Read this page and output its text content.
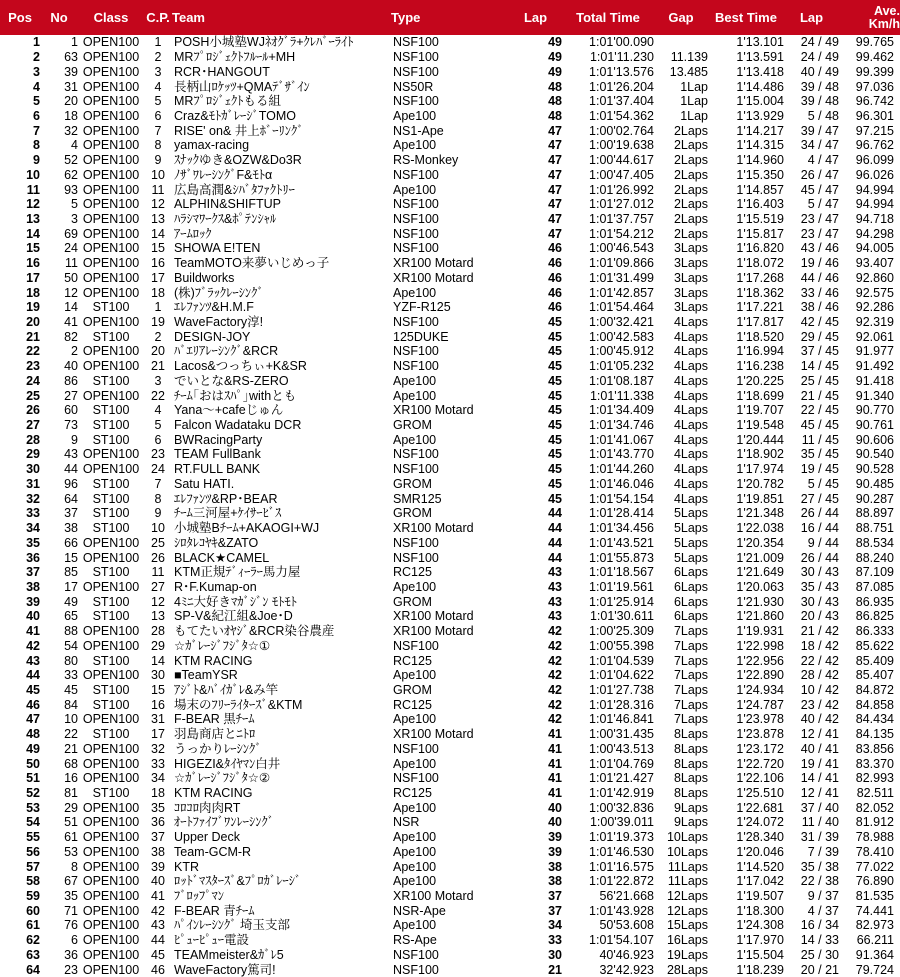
Pos	No	Class	C.P.	Team	Type	Lap	Total Time	Gap	Best Time	Lap	Ave.
Km/h
1	1	OPEN100	1	POSH小城塾WJﾈｵｸﾞﾗ+ｸﾚﾊﾞｰﾗｲﾄ	NSF100	49	1:01'00.090		1'13.101	24 / 49	99.765
2	63	OPEN100	2	MRﾌﾟﾛｼﾞｪｸﾄﾌﾙｰﾙ+MH	NSF100	49	1:01'11.230	11.139	1'13.591	24 / 49	99.462
3	39	OPEN100	3	RCR･HANGOUT	NSF100	49	1:01'13.576	13.485	1'13.418	40 / 49	99.399
4	31	OPEN100	4	長柄山ﾛｹｯﾂ+QMAﾃﾞｻﾞｲﾝ	NS50R	48	1:01'26.204	1Lap	1'14.486	39 / 48	97.036
5	20	OPEN100	5	MRﾌﾟﾛｼﾞｪｸﾄもる組	NSF100	48	1:01'37.404	1Lap	1'15.004	39 / 48	96.742
6	18	OPEN100	6	Craz&ﾓﾄｶﾞﾚｰｼﾞTOMO	Ape100	48	1:01'54.362	1Lap	1'13.929	5 / 48	96.301
7	32	OPEN100	7	RISE' on& 井上ﾎﾞｰﾘﾝｸﾞ	NS1-Ape	47	1:00'02.764	2Laps	1'14.217	39 / 47	97.215
8	4	OPEN100	8	yamax-racing	Ape100	47	1:00'19.638	2Laps	1'14.315	34 / 47	96.762
9	52	OPEN100	9	ｽﾅｯｸゆき&OZW&Do3R	RS-Monkey	47	1:00'44.617	2Laps	1'14.960	4 / 47	96.099
10	62	OPEN100	10	ﾉｻﾞﾜﾚｰｼﾝｸﾞF&ﾓﾄα	NSF100	47	1:00'47.405	2Laps	1'15.350	26 / 47	96.026
11	93	OPEN100	11	広島高潤&ｼﾊﾞﾀﾌｧｸﾄﾘｰ	Ape100	47	1:01'26.992	2Laps	1'14.857	45 / 47	94.994
12	5	OPEN100	12	ALPHIN&SHIFTUP	NSF100	47	1:01'27.012	2Laps	1'16.403	5 / 47	94.994
13	3	OPEN100	13	ﾊﾗｼﾏﾜｰｸｽ&ﾎﾟﾃﾝｼｬﾙ	NSF100	47	1:01'37.757	2Laps	1'15.519	23 / 47	94.718
14	69	OPEN100	14	ｱｰﾑﾛｯｸ	NSF100	47	1:01'54.212	2Laps	1'15.817	23 / 47	94.298
15	24	OPEN100	15	SHOWA E!TEN	NSF100	46	1:00'46.543	3Laps	1'16.820	43 / 46	94.005
16	11	OPEN100	16	TeamMOTO来夢いじめっ子	XR100 Motard	46	1:01'09.866	3Laps	1'18.072	19 / 46	93.407
17	50	OPEN100	17	Buildworks	XR100 Motard	46	1:01'31.499	3Laps	1'17.268	44 / 46	92.860
18	12	OPEN100	18	(株)ﾌﾞﾗｯｸﾚｰｼﾝｸﾞ	Ape100	46	1:01'42.857	3Laps	1'18.362	33 / 46	92.575
19	14	ST100	1	ｴﾚﾌｧﾝﾂ&H.M.F	YZF-R125	46	1:01'54.464	3Laps	1'17.221	38 / 46	92.286
20	41	OPEN100	19	WaveFactory淳!	NSF100	45	1:00'32.421	4Laps	1'17.817	42 / 45	92.319
21	82	ST100	2	DESIGN-JOY	125DUKE	45	1:00'42.583	4Laps	1'18.520	29 / 45	92.061
22	2	OPEN100	20	ﾊﾞｴﾘｱﾚｰｼﾝｸﾞ&RCR	NSF100	45	1:00'45.912	4Laps	1'16.994	37 / 45	91.977
23	40	OPEN100	21	Lacos&つっちぃ+K&SR	NSF100	45	1:01'05.232	4Laps	1'16.238	14 / 45	91.492
24	86	ST100	3	でいとな&RS-ZERO	Ape100	45	1:01'08.187	4Laps	1'20.225	25 / 45	91.418
25	27	OPEN100	22	ﾁｰﾑ｢おはｽﾊﾟ｣withとも	Ape100	45	1:01'11.338	4Laps	1'18.699	21 / 45	91.340
26	60	ST100	4	Yana～+cafeじゅん	XR100 Motard	45	1:01'34.409	4Laps	1'19.707	22 / 45	90.770
27	73	ST100	5	Falcon Wadataku DCR	GROM	45	1:01'34.746	4Laps	1'19.548	45 / 45	90.761
28	9	ST100	6	BWRacingParty	Ape100	45	1:01'41.067	4Laps	1'20.444	11 / 45	90.606
29	43	OPEN100	23	TEAM FullBank	NSF100	45	1:01'43.770	4Laps	1'18.902	35 / 45	90.540
30	44	OPEN100	24	RT.FULL BANK	NSF100	45	1:01'44.260	4Laps	1'17.974	19 / 45	90.528
31	96	ST100	7	Satu HATI.	GROM	45	1:01'46.046	4Laps	1'20.782	5 / 45	90.485
32	64	ST100	8	ｴﾚﾌｧﾝﾂ&RP･BEAR	SMR125	45	1:01'54.154	4Laps	1'19.851	27 / 45	90.287
33	37	ST100	9	ﾁｰﾑ三河屋+ｹｲｻｰﾋﾞｽ	GROM	44	1:01'28.414	5Laps	1'21.348	26 / 44	88.897
34	38	ST100	10	小城塾Bﾁｰﾑ+AKAOGI+WJ	XR100 Motard	44	1:01'34.456	5Laps	1'22.038	16 / 44	88.751
35	66	OPEN100	25	ｼﾛﾀﾚｺﾔｷ&ZATO	NSF100	44	1:01'43.521	5Laps	1'20.354	9 / 44	88.534
36	15	OPEN100	26	BLACK★CAMEL	NSF100	44	1:01'55.873	5Laps	1'21.009	26 / 44	88.240
37	85	ST100	11	KTM正規ﾃﾞｨｰﾗｰ馬力屋	RC125	43	1:01'18.567	6Laps	1'21.649	30 / 43	87.109
38	17	OPEN100	27	R･F.Kumap-on	Ape100	43	1:01'19.561	6Laps	1'20.063	35 / 43	87.085
39	49	ST100	12	4ﾐﾆ大好きﾏｶﾞｼﾞﾝ ﾓﾄﾓﾄ	GROM	43	1:01'25.914	6Laps	1'21.930	30 / 43	86.935
40	65	ST100	13	SP-V&紀江組&Joe･D	XR100 Motard	43	1:01'30.611	6Laps	1'21.860	20 / 43	86.825
41	88	OPEN100	28	もてたいｵﾔｼﾞ&RCR染谷農産	XR100 Motard	42	1:00'25.309	7Laps	1'19.931	21 / 42	86.333
42	54	OPEN100	29	☆ｶﾞﾚｰｼﾞﾌｼﾞﾀ☆①	NSF100	42	1:00'55.398	7Laps	1'22.998	18 / 42	85.622
43	80	ST100	14	KTM RACING	RC125	42	1:01'04.539	7Laps	1'22.956	22 / 42	85.409
44	33	OPEN100	30	■TeamYSR	Ape100	42	1:01'04.622	7Laps	1'22.890	28 / 42	85.407
45	45	ST100	15	ｱｼﾞﾄ&ﾊﾞｲｶﾞﾚ&み竿	GROM	42	1:01'27.738	7Laps	1'24.934	10 / 42	84.872
46	84	ST100	16	場末のﾌﾘｰﾗｲﾀｰｽﾞ&KTM	RC125	42	1:01'28.316	7Laps	1'24.787	23 / 42	84.858
47	10	OPEN100	31	F-BEAR 黒ﾁｰﾑ	Ape100	42	1:01'46.841	7Laps	1'23.978	40 / 42	84.434
48	22	ST100	17	羽島商店とﾆﾄﾛ	XR100 Motard	41	1:00'31.435	8Laps	1'23.878	12 / 41	84.135
49	21	OPEN100	32	うっかりﾚｰｼﾝｸﾞ	NSF100	41	1:00'43.513	8Laps	1'23.172	40 / 41	83.856
50	68	OPEN100	33	HIGEZI&ﾀｲﾔﾏﾝ白井	Ape100	41	1:01'04.769	8Laps	1'22.720	19 / 41	83.370
51	16	OPEN100	34	☆ｶﾞﾚｰｼﾞﾌｼﾞﾀ☆②	NSF100	41	1:01'21.427	8Laps	1'22.106	14 / 41	82.993
52	81	ST100	18	KTM RACING	RC125	41	1:01'42.919	8Laps	1'25.510	12 / 41	82.511
53	29	OPEN100	35	ｺﾛｺﾛ肉肉RT	Ape100	40	1:00'32.836	9Laps	1'22.681	37 / 40	82.052
54	51	OPEN100	36	ｵｰﾄﾌｧｲﾌﾞﾜﾝﾚｰｼﾝｸﾞ	NSR	40	1:00'39.011	9Laps	1'24.072	11 / 40	81.912
55	61	OPEN100	37	Upper Deck	Ape100	39	1:01'19.373	10Laps	1'28.340	31 / 39	78.988
56	53	OPEN100	38	Team-GCM-R	Ape100	39	1:01'46.530	10Laps	1'20.046	7 / 39	78.410
57	8	OPEN100	39	KTR	Ape100	38	1:01'16.575	11Laps	1'14.520	35 / 38	77.022
58	67	OPEN100	40	ﾛｯﾄﾞﾏｽﾀｰｽﾞ&ﾌﾟﾛｶﾞﾚｰｼﾞ	Ape100	38	1:01'22.872	11Laps	1'17.042	22 / 38	76.890
59	35	OPEN100	41	ﾌﾞﾛｯﾌﾟﾏﾝ	XR100 Motard	37	56'21.668	12Laps	1'19.507	9 / 37	81.535
60	71	OPEN100	42	F-BEAR 青ﾁｰﾑ	NSR-Ape	37	1:01'43.928	12Laps	1'18.300	4 / 37	74.441
61	76	OPEN100	43	ﾊﾟｲﾝﾚｰｼﾝｸﾞ 埼玉支部	Ape100	34	50'53.608	15Laps	1'24.308	16 / 34	82.973
62	6	OPEN100	44	ﾋﾟｭｰﾋﾟｭｰ電設	RS-Ape	33	1:01'54.107	16Laps	1'17.970	14 / 33	66.211
63	36	OPEN100	45	TEAMmeister&ｶﾞﾚ5	NSF100	30	40'46.923	19Laps	1'15.504	25 / 30	91.364
64	23	OPEN100	46	WaveFactory篤司!	NSF100	21	32'42.923	28Laps	1'18.239	20 / 21	79.724
